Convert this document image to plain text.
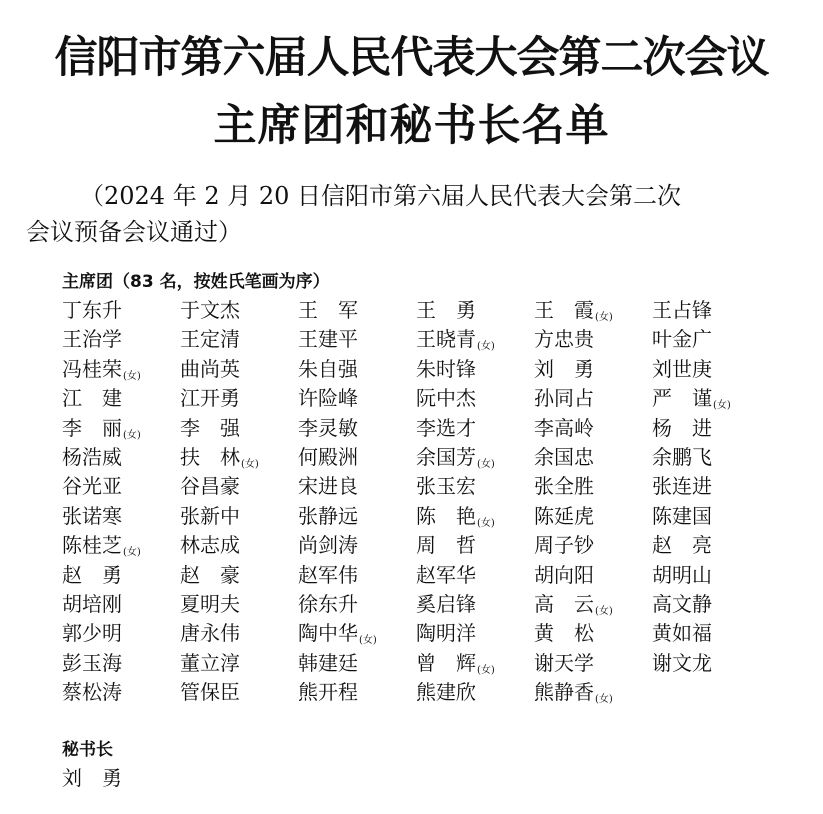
信阳市第六届人民代表大会第二次会议
主席团和秘书长名单

（2024 年 2 月 20 日信阳市第六届人民代表大会第二次

会议预备会议通过）

主席团（83 名，按姓氏笔画为序）
丁东升	于文杰	王　军	王　勇	王　霞(女)	王占锋
王治学	王定清	王建平	王晓青(女)	方忠贵	叶金广
冯桂荣(女)	曲尚英	朱自强	朱时锋	刘　勇	刘世庚
江　建	江开勇	许险峰	阮中杰	孙同占	严　谨(女)
李　丽(女)	李　强	李灵敏	李选才	李高岭	杨　进
杨浩威	扶　林(女)	何殿洲	余国芳(女)	余国忠	余鹏飞
谷光亚	谷昌豪	宋进良	张玉宏	张全胜	张连进
张诺寒	张新中	张静远	陈　艳(女)	陈延虎	陈建国
陈桂芝(女)	林志成	尚剑涛	周　哲	周子钞	赵　亮
赵　勇	赵　豪	赵军伟	赵军华	胡向阳	胡明山
胡培刚	夏明夫	徐东升	奚启锋	高　云(女)	高文静
郭少明	唐永伟	陶中华(女)	陶明洋	黄　松	黄如福
彭玉海	董立淳	韩建廷	曾　辉(女)	谢天学	谢文龙
蔡松涛	管保臣	熊开程	熊建欣	熊静香(女)
秘书长

刘　勇
